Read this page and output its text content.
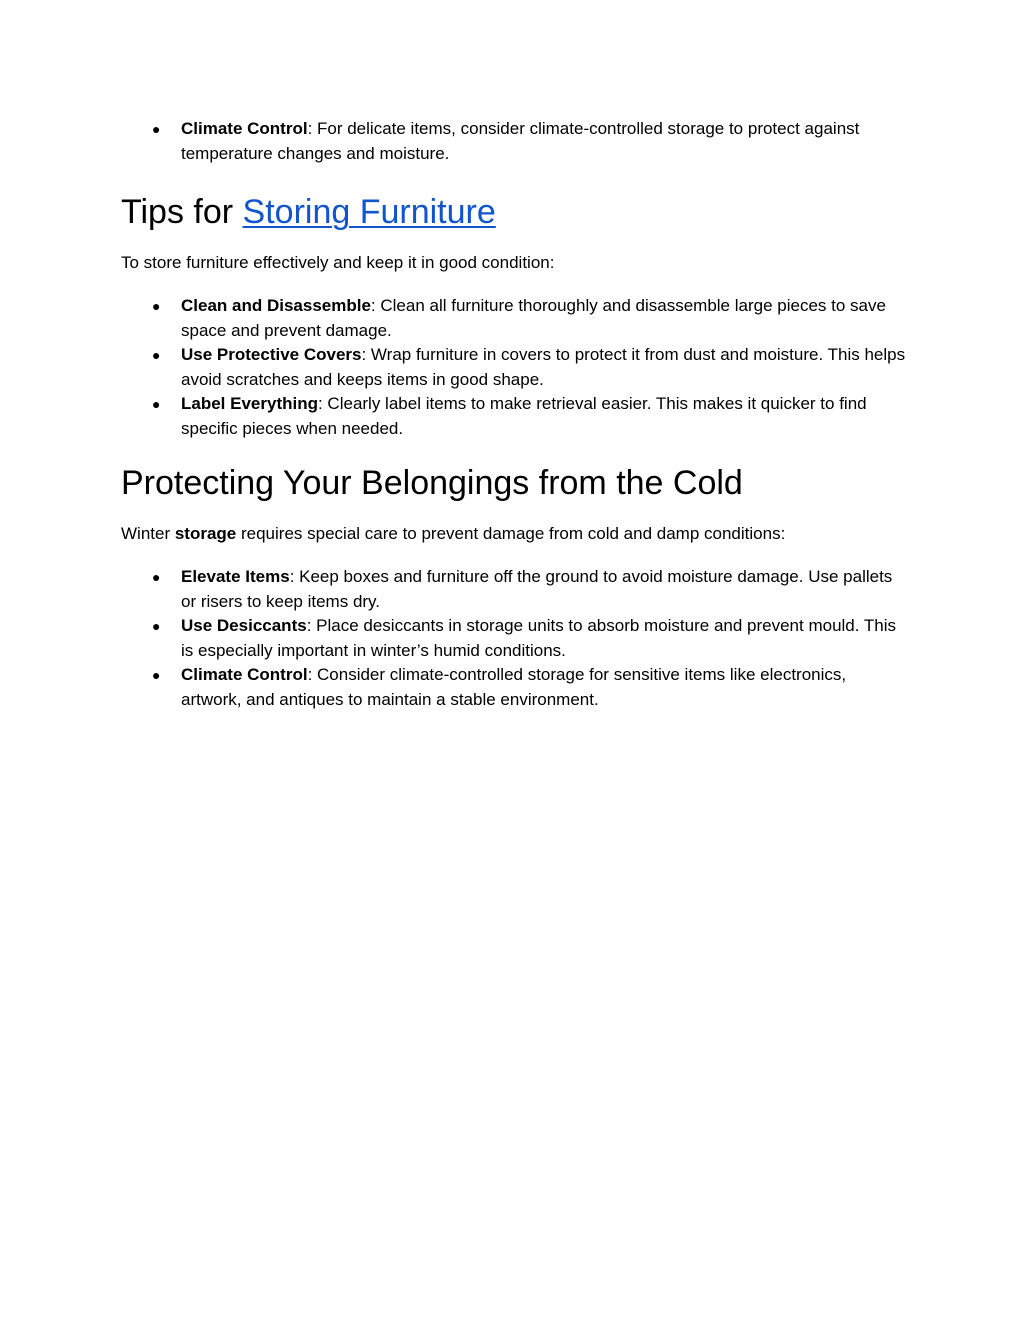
● Climate Control: For delicate items, consider climate-controlled storage to protect against temperature changes and moisture.
Tips for Storing Furniture

To store furniture effectively and keep it in good condition:

● Clean and Disassemble: Clean all furniture thoroughly and disassemble large pieces to save space and prevent damage.
● Use Protective Covers: Wrap furniture in covers to protect it from dust and moisture. This helps avoid scratches and keeps items in good shape.
● Label Everything: Clearly label items to make retrieval easier. This makes it quicker to find specific pieces when needed.
Protecting Your Belongings from the Cold

Winter storage requires special care to prevent damage from cold and damp conditions:

● Elevate Items: Keep boxes and furniture off the ground to avoid moisture damage. Use pallets or risers to keep items dry.
● Use Desiccants: Place desiccants in storage units to absorb moisture and prevent mould. This is especially important in winter’s humid conditions.
● Climate Control: Consider climate-controlled storage for sensitive items like electronics, artwork, and antiques to maintain a stable environment.
